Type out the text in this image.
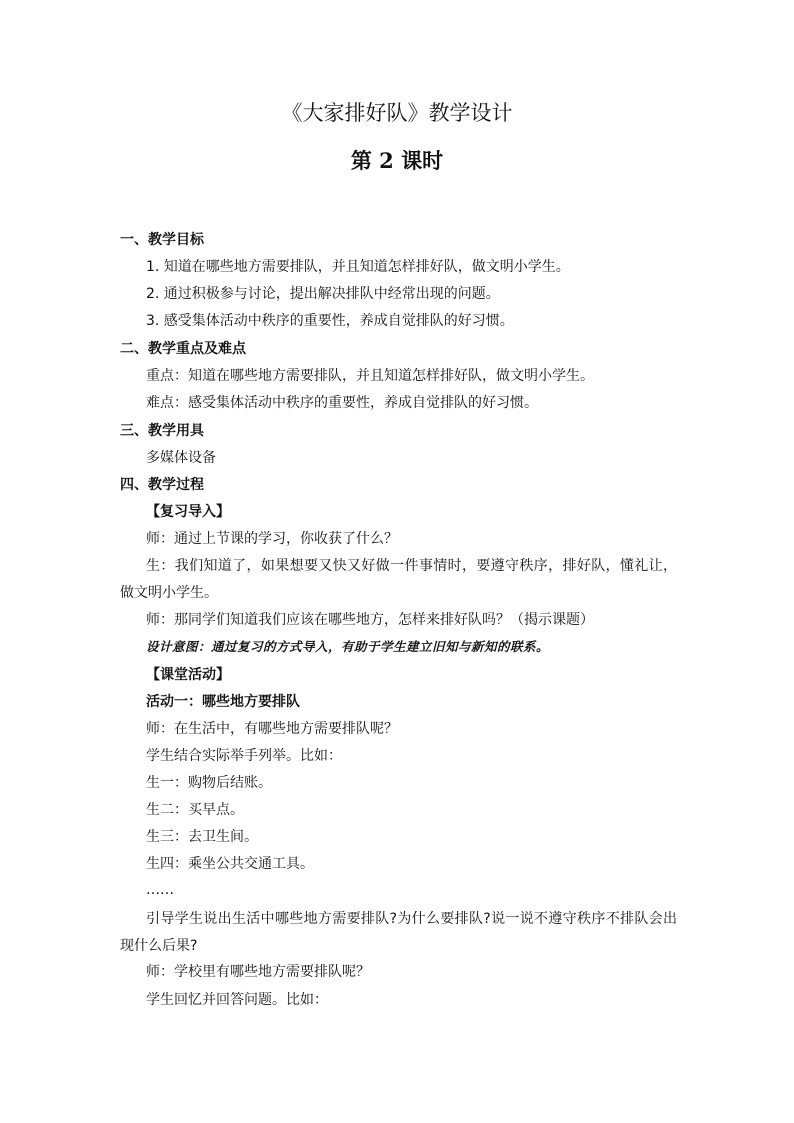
《大家排好队》教学设计
第 2 课时
一、教学目标
1. 知道在哪些地方需要排队，并且知道怎样排好队，做文明小学生。
2. 通过积极参与讨论，提出解决排队中经常出现的问题。
3. 感受集体活动中秩序的重要性，养成自觉排队的好习惯。
二、教学重点及难点
重点：知道在哪些地方需要排队，并且知道怎样排好队，做文明小学生。
难点：感受集体活动中秩序的重要性，养成自觉排队的好习惯。
三、教学用具
多媒体设备
四、教学过程
【复习导入】
师：通过上节课的学习，你收获了什么？
生：我们知道了，如果想要又快又好做一件事情时，要遵守秩序，排好队，懂礼让，做文明小学生。
师：那同学们知道我们应该在哪些地方，怎样来排好队吗？（揭示课题）
设计意图：通过复习的方式导入，有助于学生建立旧知与新知的联系。
【课堂活动】
活动一：哪些地方要排队
师：在生活中，有哪些地方需要排队呢？
学生结合实际举手列举。比如：
生一：购物后结账。
生二：买早点。
生三：去卫生间。
生四：乘坐公共交通工具。
……
引导学生说出生活中哪些地方需要排队?为什么要排队?说一说不遵守秩序不排队会出现什么后果?
师：学校里有哪些地方需要排队呢？
学生回忆并回答问题。比如：
